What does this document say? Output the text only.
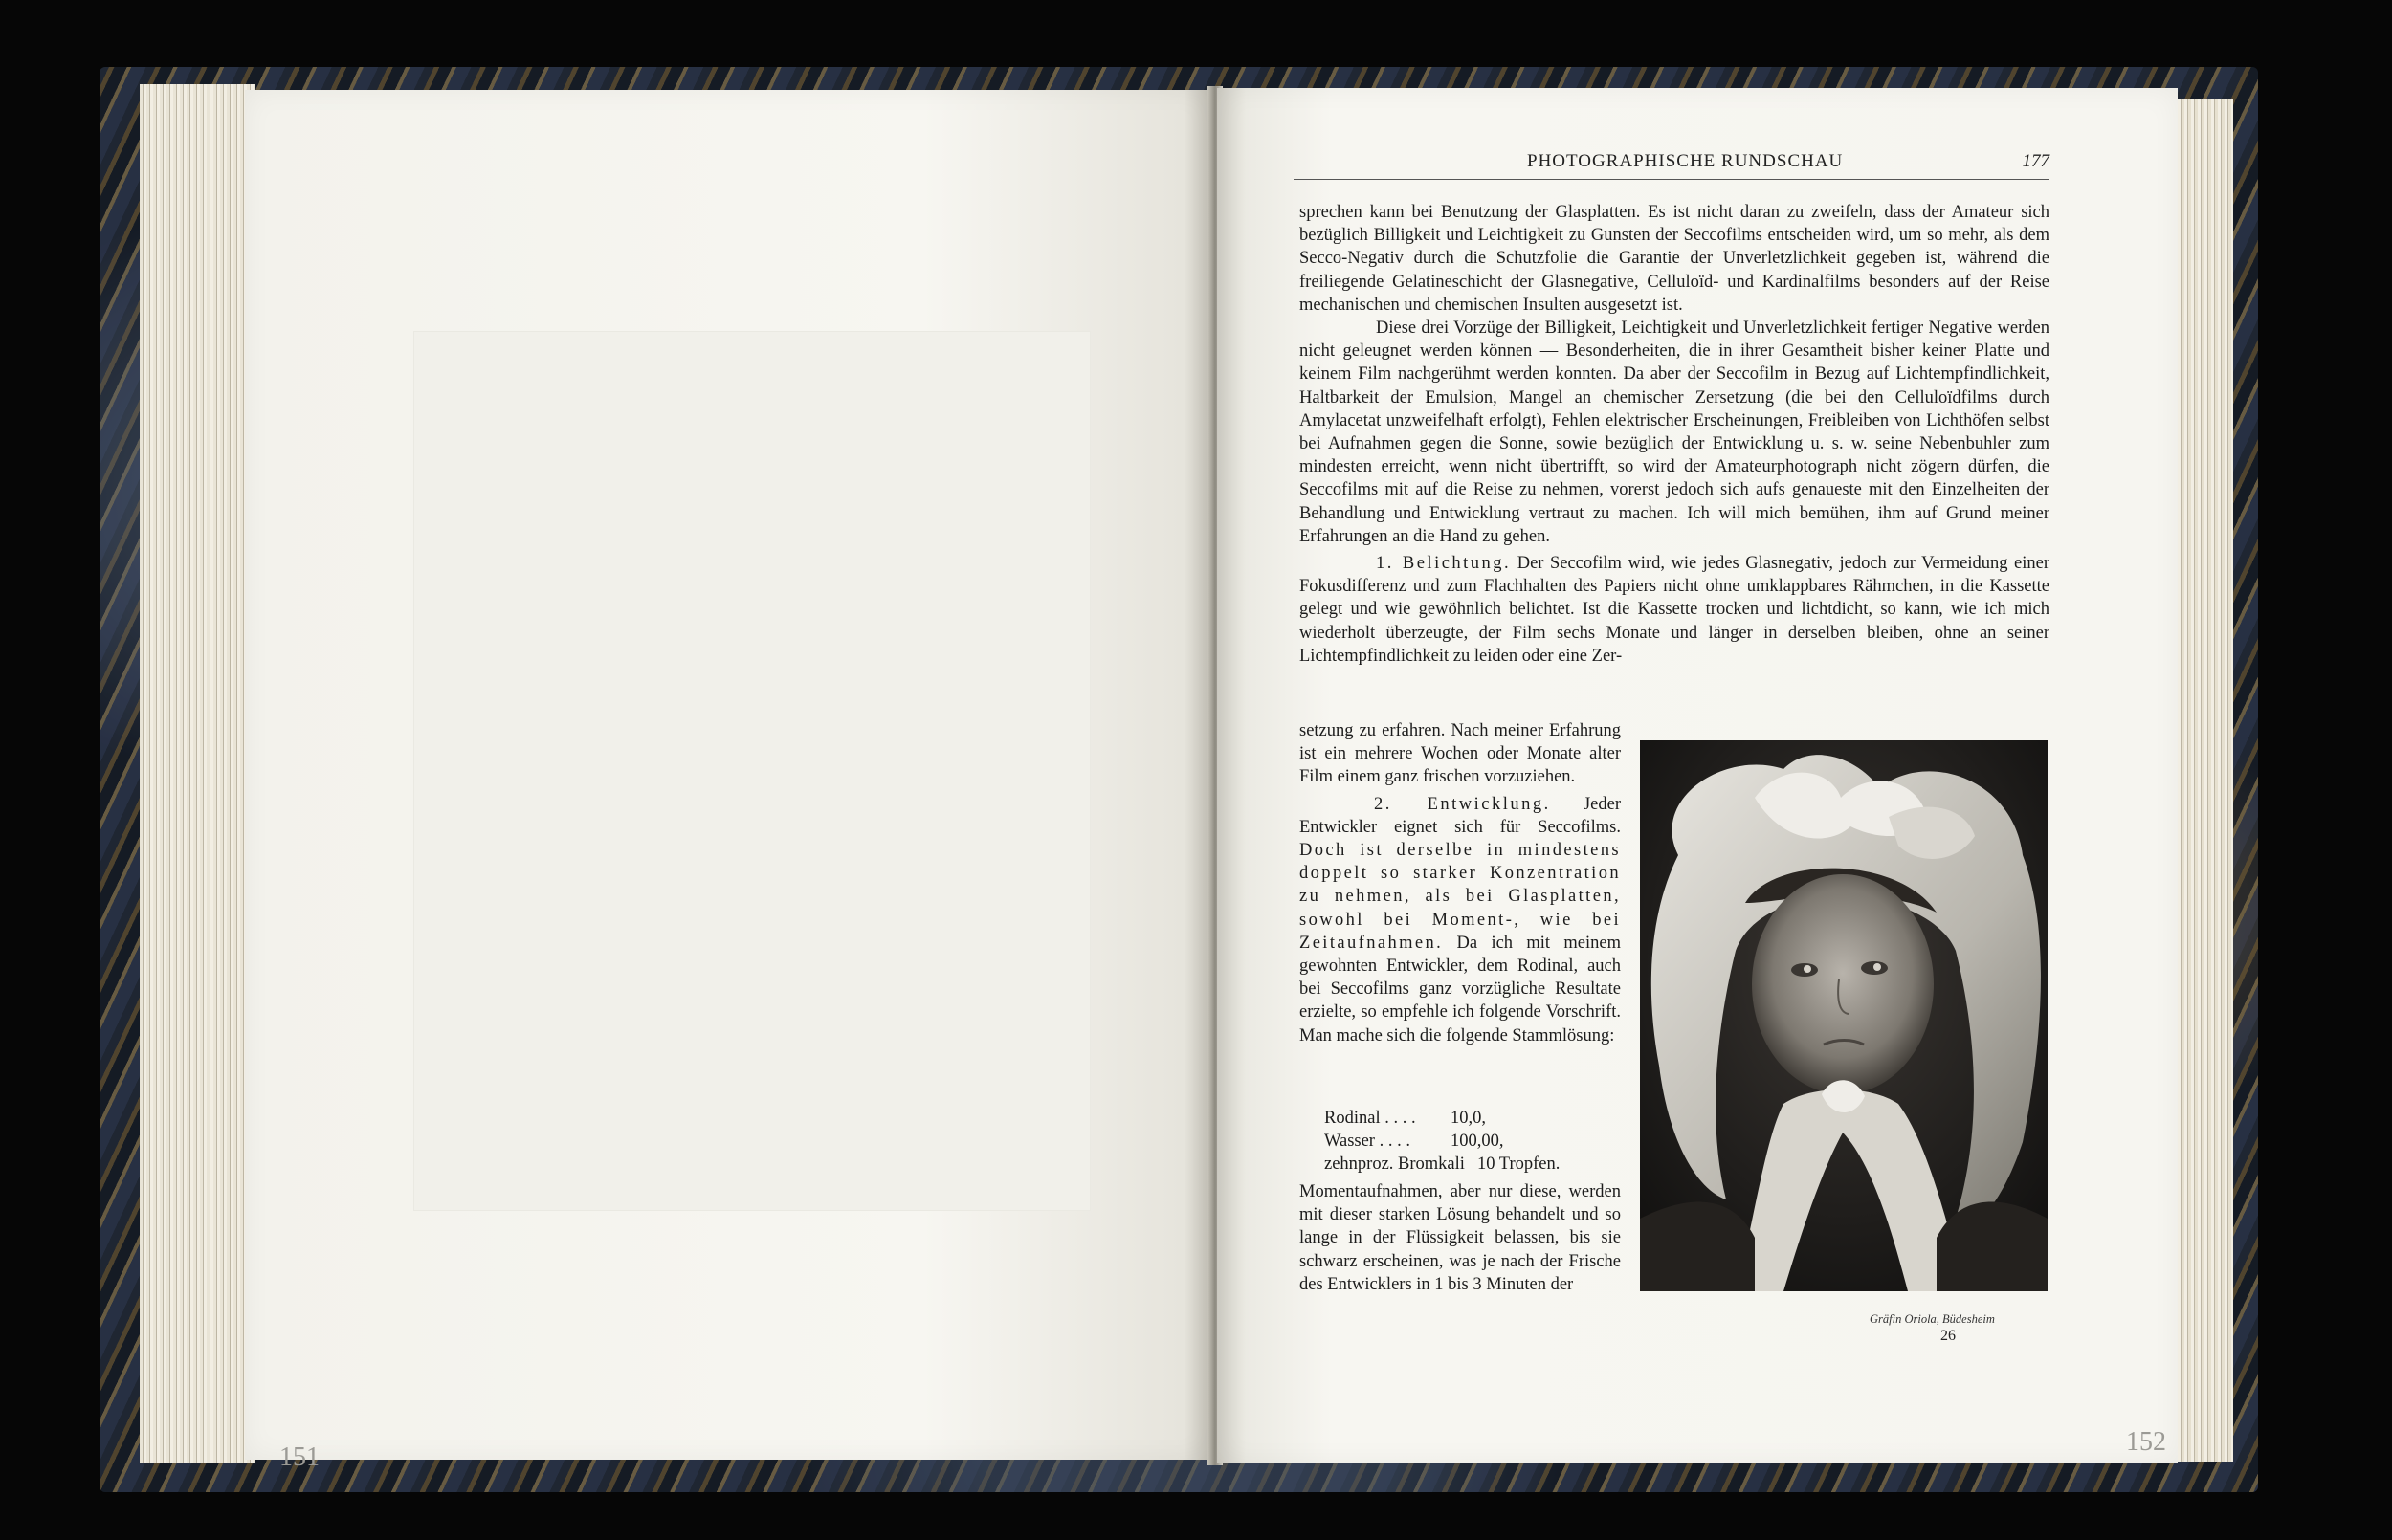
151
PHOTOGRAPHISCHE RUNDSCHAU	177

sprechen kann bei Benutzung der Glasplatten. Es ist nicht daran zu zweifeln, dass der Amateur sich bezüglich Billigkeit und Leichtigkeit zu Gunsten der Seccofilms entscheiden wird, um so mehr, als dem Secco-Negativ durch die Schutzfolie die Garantie der Unverletzlichkeit gegeben ist, während die freiliegende Gelatineschicht der Glasnegative, Celluloïd- und Kardinalfilms besonders auf der Reise mechanischen und chemischen Insulten ausgesetzt ist.

Diese drei Vorzüge der Billigkeit, Leichtigkeit und Unverletzlichkeit fertiger Negative werden nicht geleugnet werden können — Besonderheiten, die in ihrer Gesamtheit bisher keiner Platte und keinem Film nachgerühmt werden konnten. Da aber der Seccofilm in Bezug auf Lichtempfindlichkeit, Haltbarkeit der Emulsion, Mangel an chemischer Zersetzung (die bei den Celluloïdfilms durch Amylacetat unzweifelhaft erfolgt), Fehlen elektrischer Erscheinungen, Freibleiben von Lichthöfen selbst bei Aufnahmen gegen die Sonne, sowie bezüglich der Entwicklung u. s. w. seine Nebenbuhler zum mindesten erreicht, wenn nicht übertrifft, so wird der Amateurphotograph nicht zögern dürfen, die Seccofilms mit auf die Reise zu nehmen, vorerst jedoch sich aufs genaueste mit den Einzelheiten der Behandlung und Entwicklung vertraut zu machen. Ich will mich bemühen, ihm auf Grund meiner Erfahrungen an die Hand zu gehen.

1. Belichtung. Der Seccofilm wird, wie jedes Glasnegativ, jedoch zur Vermeidung einer Fokusdifferenz und zum Flachhalten des Papiers nicht ohne umklappbares Rähmchen, in die Kassette gelegt und wie gewöhnlich belichtet. Ist die Kassette trocken und lichtdicht, so kann, wie ich mich wiederholt überzeugte, der Film sechs Monate und länger in derselben bleiben, ohne an seiner Lichtempfindlichkeit zu leiden oder eine Zer-

setzung zu erfahren. Nach meiner Erfahrung ist ein mehrere Wochen oder Monate alter Film einem ganz frischen vorzuziehen.

2. Entwicklung. Jeder Entwickler eignet sich für Seccofilms. Doch ist derselbe in mindestens doppelt so starker Konzentration zu nehmen, als bei Glasplatten, sowohl bei Moment-, wie bei Zeitaufnahmen. Da ich mit meinem gewohnten Entwickler, dem Rodinal, auch bei Seccofilms ganz vorzügliche Resultate erzielte, so empfehle ich folgende Vorschrift. Man mache sich die folgende Stammlösung:

Rodinal . . . .	10,0,
Wasser . . . .	100,00,
zehnproz. Bromkali 10 Tropfen.

Momentaufnahmen, aber nur diese, werden mit dieser starken Lösung behandelt und so lange in der Flüssigkeit belassen, bis sie schwarz erscheinen, was je nach der Frische des Entwicklers in 1 bis 3 Minuten der

Gräfin Oriola, Büdesheim
26
152
